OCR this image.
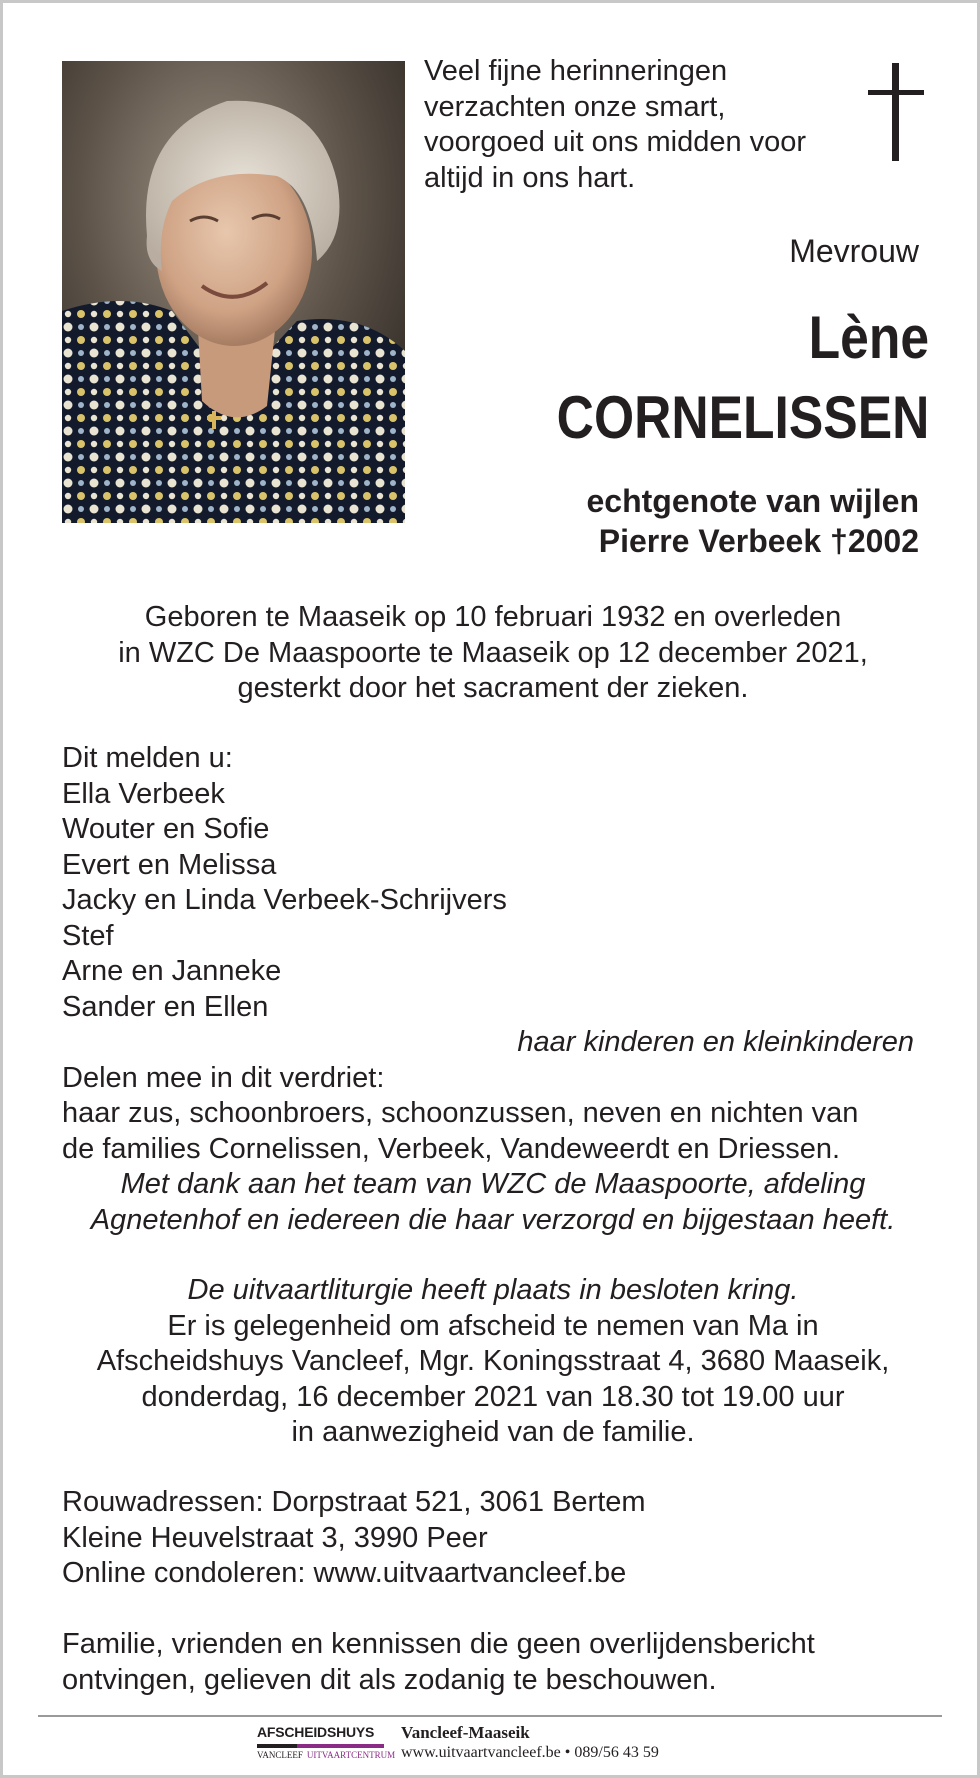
Veel fijne herinneringen
verzachten onze smart,
voorgoed uit ons midden voor
altijd in ons hart.
Mevrouw
Lène
CORNELISSEN
echtgenote van wijlen
Pierre Verbeek †2002
Geboren te Maaseik op 10 februari 1932 en overleden
in WZC De Maaspoorte te Maaseik op 12 december 2021,
gesterkt door het sacrament der zieken.
Dit melden u:
Ella Verbeek
Wouter en Sofie
Evert en Melissa
Jacky en Linda Verbeek-Schrijvers
Stef
Arne en Janneke
Sander en Ellen
haar kinderen en kleinkinderen
Delen mee in dit verdriet:
haar zus, schoonbroers, schoonzussen, neven en nichten van
de families Cornelissen, Verbeek, Vandeweerdt en Driessen.
Met dank aan het team van WZC de Maaspoorte, afdeling
Agnetenhof en iedereen die haar verzorgd en bijgestaan heeft.
De uitvaartliturgie heeft plaats in besloten kring.
Er is gelegenheid om afscheid te nemen van Ma in
Afscheidshuys Vancleef, Mgr. Koningsstraat 4, 3680 Maaseik,
donderdag, 16 december 2021 van 18.30 tot 19.00 uur
in aanwezigheid van de familie.
Rouwadressen: Dorpstraat 521, 3061 Bertem
Kleine Heuvelstraat 3, 3990 Peer
Online condoleren: www.uitvaartvancleef.be
Familie, vrienden en kennissen die geen overlijdensbericht
ontvingen, gelieven dit als zodanig te beschouwen.
AFSCHEIDSHUYS
VANCLEEF UITVAARTCENTRUM
Vancleef-Maaseik
www.uitvaartvancleef.be • 089/56 43 59
